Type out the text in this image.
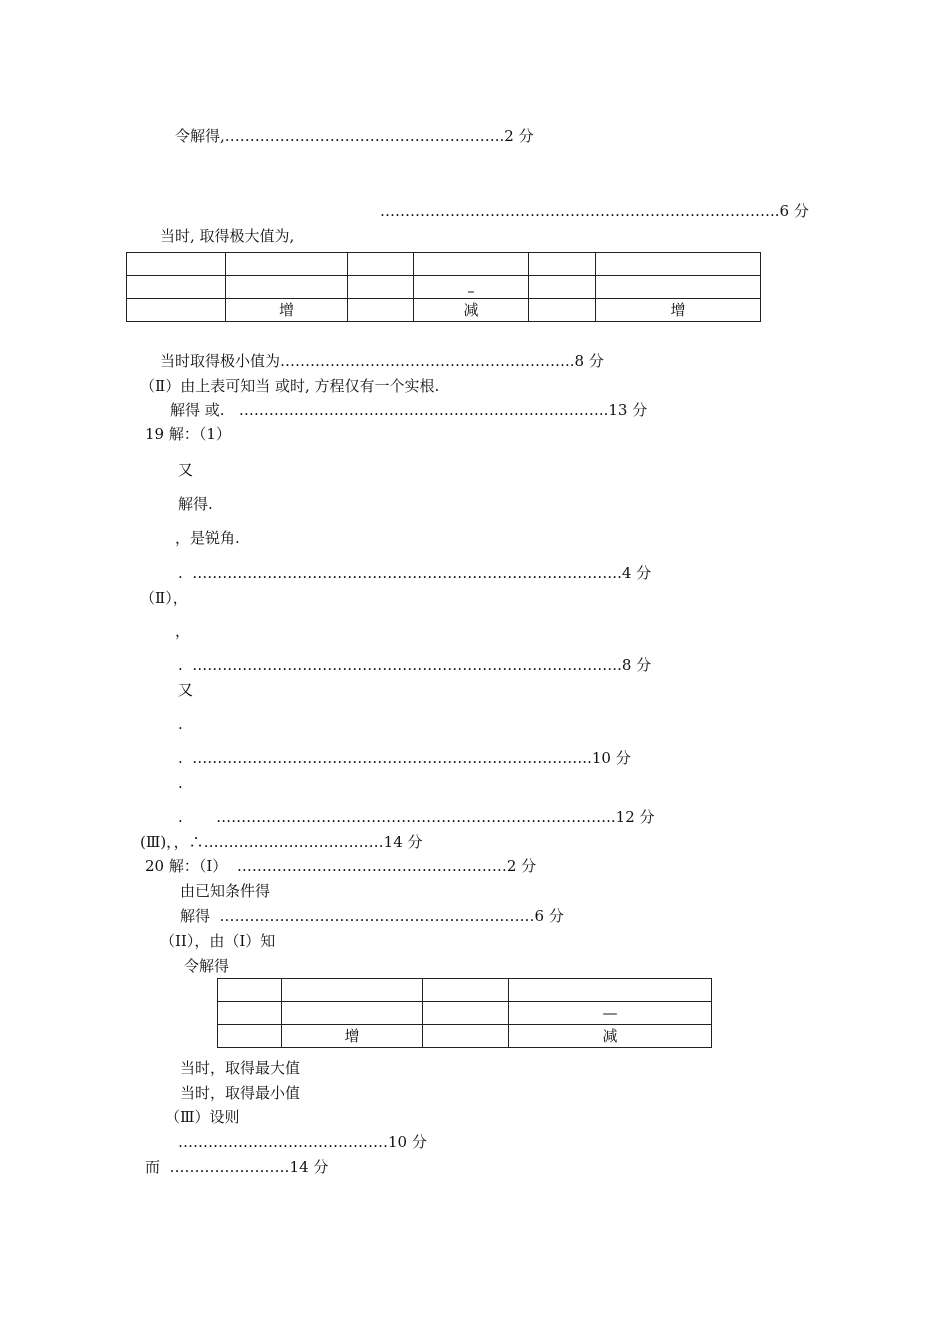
令解得,………………………………………………..2 分
……………………………………………………………………..6 分
当时, 取得极大值为,

			–		
	增		减		增
当时取得极小值为…………………………………………………..8 分
（Ⅱ）由上表可知当 或时, 方程仅有一个实根.
解得 或.   ………………………………………………………………..13 分
19 解：（1）
又
解得.
，是锐角.
.  …………………………………………………………………………..4 分
（Ⅱ），
，
.  …………………………………………………………………………..8 分
又
.
.  ……………………………………………………………………..10 分
.
.       ……………………………………………………………………..12 分
(Ⅲ)，，∴………………………………14 分
20 解：（I）  ………………………………………………2 分
由已知条件得
解得  ………………………………………………………6 分
（II），由（I）知
令解得

			—
	增		减
当时，取得最大值
当时，取得最小值
（Ⅲ）设则
……………………………………10 分
而  ……………………14 分
